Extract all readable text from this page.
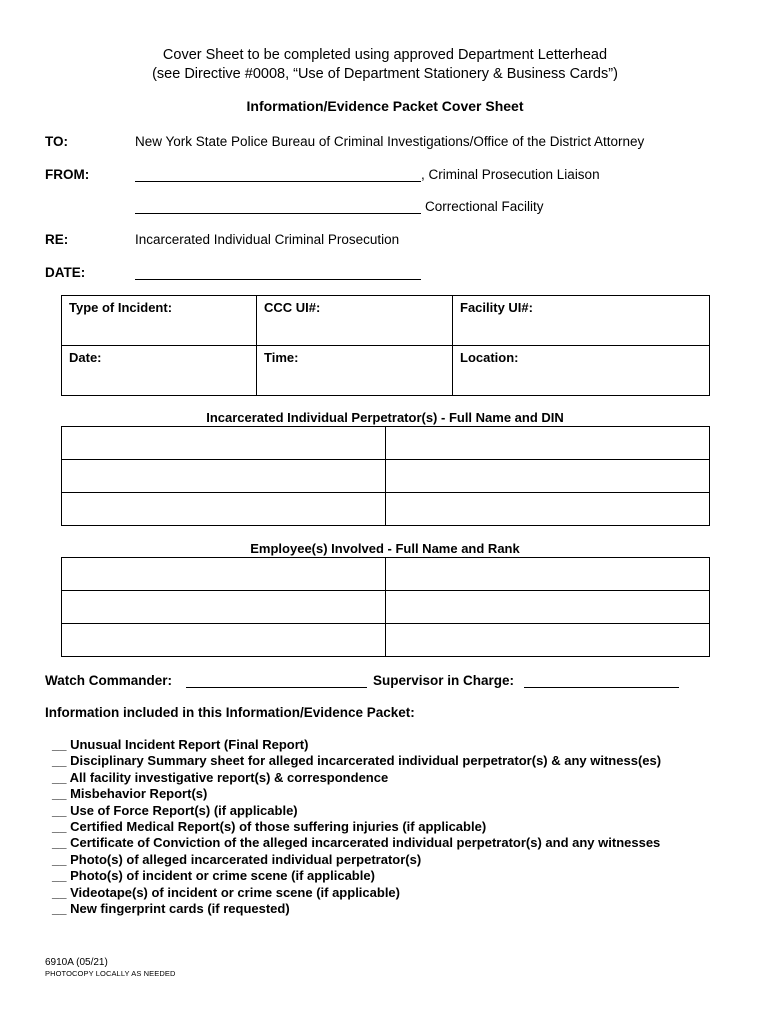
Cover Sheet to be completed using approved Department Letterhead
(see Directive #0008, “Use of Department Stationery & Business Cards”)
Information/Evidence Packet Cover Sheet
TO:	New York State Police Bureau of Criminal Investigations/Office of the District Attorney
FROM:	, Criminal Prosecution Liaison
Correctional Facility
RE:	Incarcerated Individual Criminal Prosecution
DATE:
Type of Incident:	CCC UI#:	Facility UI#:

Date:	Time:	Location:
Incarcerated Individual Perpetrator(s) - Full Name and DIN

Employee(s) Involved - Full Name and Rank

Watch Commander:	Supervisor in Charge:
Information included in this Information/Evidence Packet:
__ Unusual Incident Report (Final Report)
__ Disciplinary Summary sheet for alleged incarcerated individual perpetrator(s) & any witness(es)
__ All facility investigative report(s) & correspondence
__ Misbehavior Report(s)
__ Use of Force Report(s) (if applicable)
__ Certified Medical Report(s) of those suffering injuries (if applicable)
__ Certificate of Conviction of the alleged incarcerated individual perpetrator(s) and any witnesses
__ Photo(s) of alleged incarcerated individual perpetrator(s)
__ Photo(s) of incident or crime scene (if applicable)
__ Videotape(s) of incident or crime scene (if applicable)
__ New fingerprint cards (if requested)
6910A (05/21)
PHOTOCOPY LOCALLY AS NEEDED
